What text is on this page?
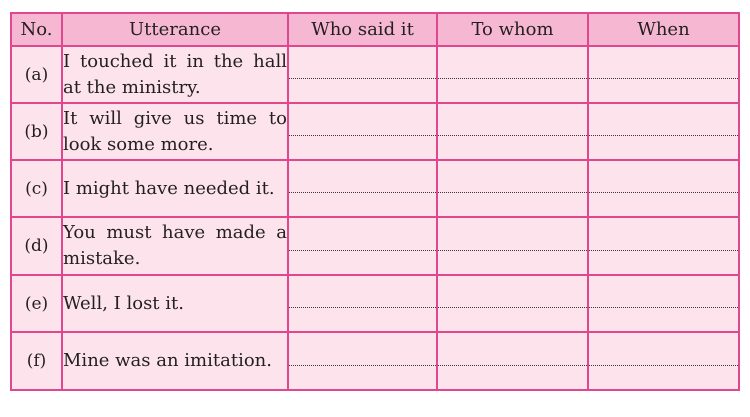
No.	Utterance	Who said it	To whom	When
(a)	I touched it in the hall at the ministry.	

(b)	It will give us time to look some more.	

(c)	I might have needed it.	

(d)	You must have made a mistake.	

(e)	Well, I lost it.	

(f)	Mine was an imitation.	
